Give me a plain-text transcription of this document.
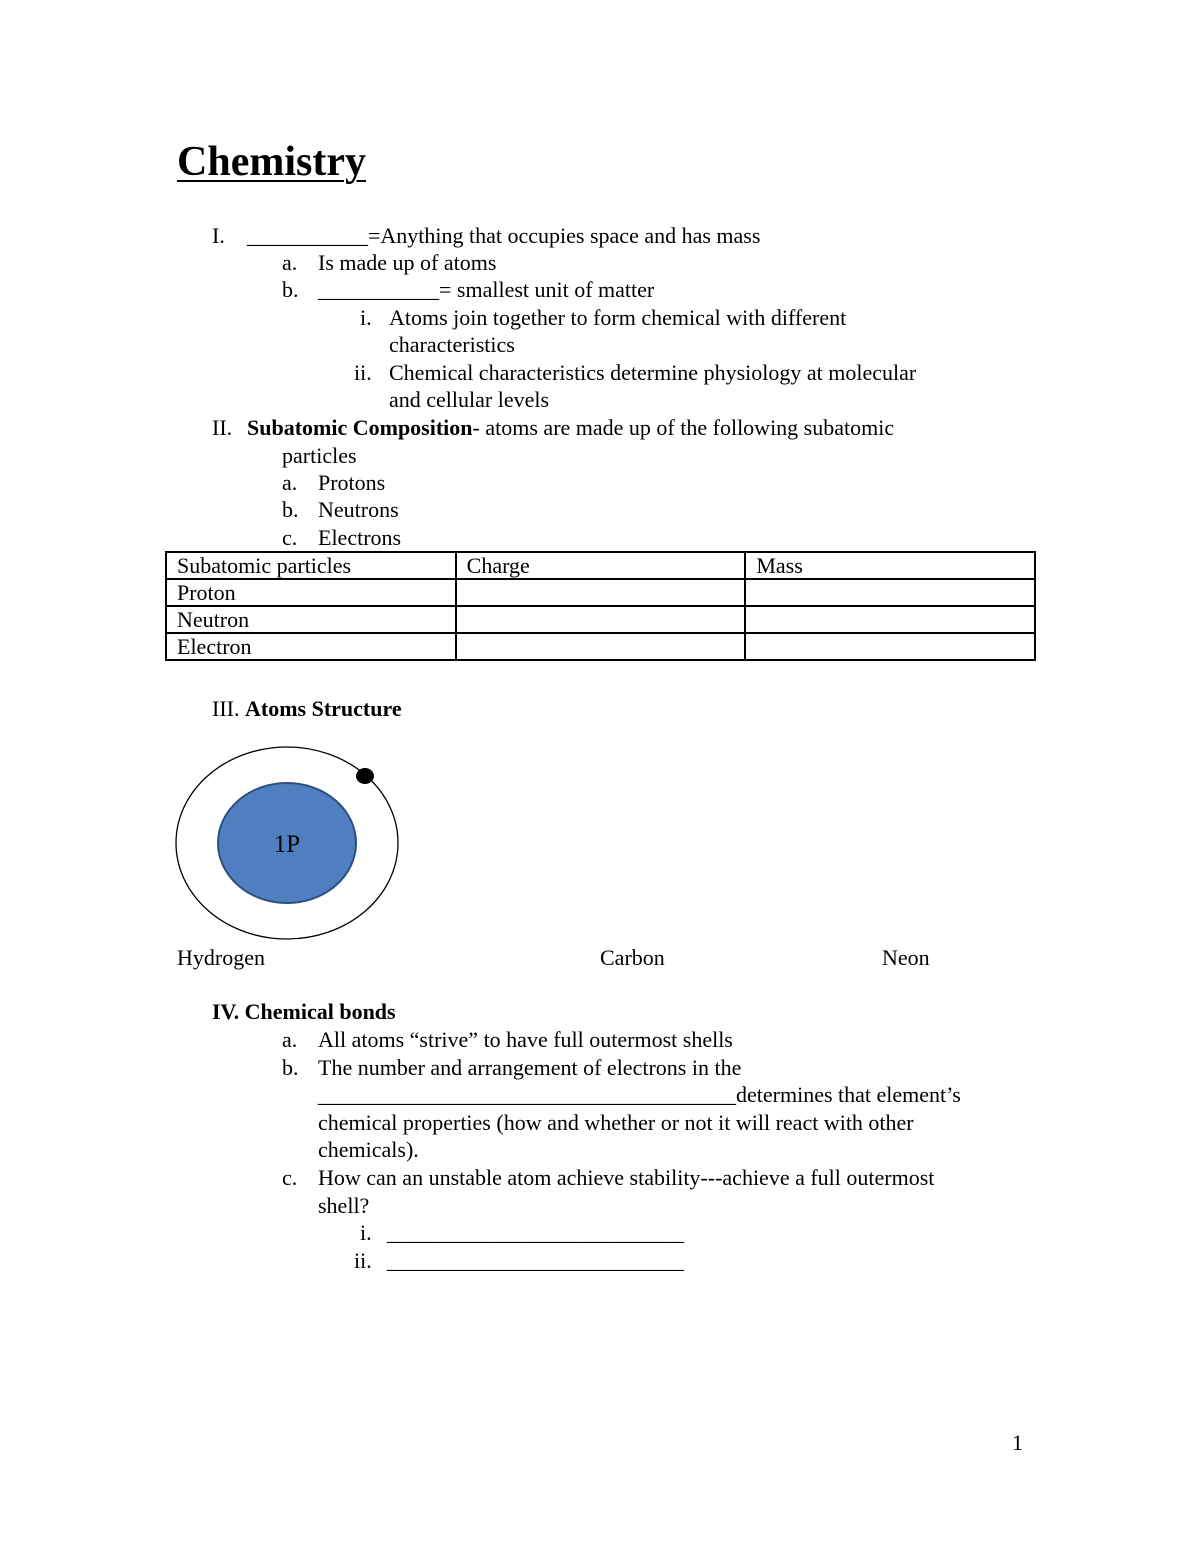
Chemistry
I. ___________=Anything that occupies space and has mass
a. Is made up of atoms
b. ___________= smallest unit of matter
i. Atoms join together to form chemical with different
characteristics
ii. Chemical characteristics determine physiology at molecular
and cellular levels
II. Subatomic Composition- atoms are made up of the following subatomic
particles
a. Protons
b. Neutrons
c. Electrons
Subatomic particles	Charge	Mass
Proton		
Neutron		
Electron		
III. Atoms Structure
1P
Hydrogen	Carbon	Neon
IV. Chemical bonds
a. All atoms “strive” to have full outermost shells
b. The number and arrangement of electrons in the
______________________________________determines that element’s
chemical properties (how and whether or not it will react with other
chemicals).
c. How can an unstable atom achieve stability---achieve a full outermost
shell?
i. ___________________________
ii. ___________________________
1
